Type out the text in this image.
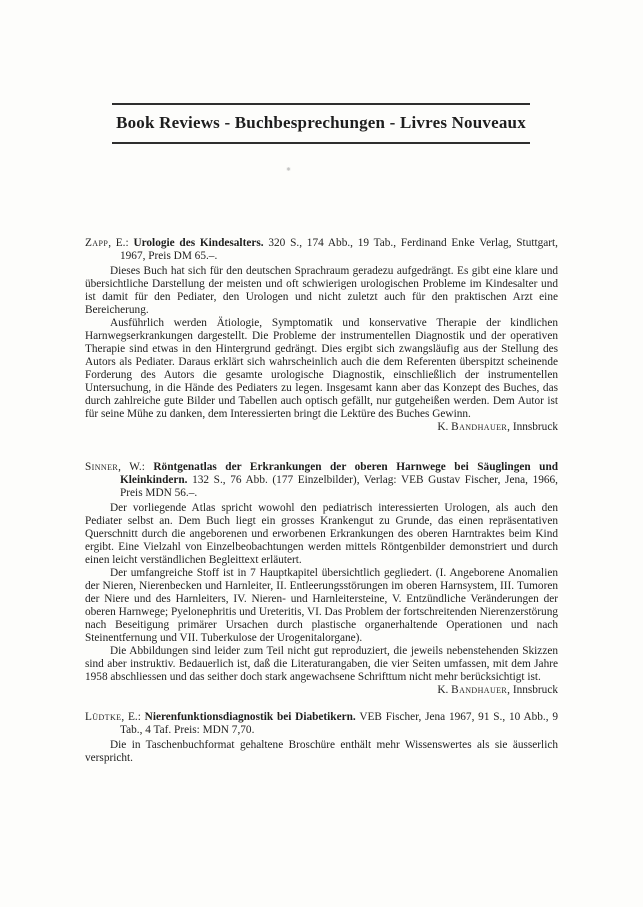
Book Reviews - Buchbesprechungen - Livres Nouveaux

Zapp, E.: Urologie des Kindesalters. 320 S., 174 Abb., 19 Tab., Ferdinand Enke Verlag, Stuttgart, 1967, Preis DM 65.–.

Dieses Buch hat sich für den deutschen Sprachraum geradezu aufgedrängt. Es gibt eine klare und übersichtliche Darstellung der meisten und oft schwierigen urologischen Probleme im Kindesalter und ist damit für den Pediater, den Urologen und nicht zuletzt auch für den praktischen Arzt eine Bereicherung.

Ausführlich werden Ätiologie, Symptomatik und konservative Therapie der kindlichen Harnwegserkrankungen dargestellt. Die Probleme der instrumentellen Diagnostik und der operativen Therapie sind etwas in den Hintergrund gedrängt. Dies ergibt sich zwangsläufig aus der Stellung des Autors als Pediater. Daraus erklärt sich wahrscheinlich auch die dem Referenten überspitzt scheinende Forderung des Autors die gesamte urologische Diagnostik, einschließlich der instrumentellen Untersuchung, in die Hände des Pediaters zu legen. Insgesamt kann aber das Konzept des Buches, das durch zahlreiche gute Bilder und Tabellen auch optisch gefällt, nur gutgeheißen werden. Dem Autor ist für seine Mühe zu danken, dem Interessierten bringt die Lektüre des Buches Gewinn.
K. Bandhauer, Innsbruck

Sinner, W.: Röntgenatlas der Erkrankungen der oberen Harnwege bei Säuglingen und Kleinkindern. 132 S., 76 Abb. (177 Einzelbilder), Verlag: VEB Gustav Fischer, Jena, 1966, Preis MDN 56.–.

Der vorliegende Atlas spricht wowohl den pediatrisch interessierten Urologen, als auch den Pediater selbst an. Dem Buch liegt ein grosses Krankengut zu Grunde, das einen repräsentativen Querschnitt durch die angeborenen und erworbenen Erkrankungen des oberen Harntraktes beim Kind ergibt. Eine Vielzahl von Einzelbeobachtungen werden mittels Röntgenbilder demonstriert und durch einen leicht verständlichen Begleittext erläutert.

Der umfangreiche Stoff ist in 7 Hauptkapitel übersichtlich gegliedert. (I. Angeborene Anomalien der Nieren, Nierenbecken und Harnleiter, II. Entleerungsstörungen im oberen Harnsystem, III. Tumoren der Niere und des Harnleiters, IV. Nieren- und Harnleitersteine, V. Entzündliche Veränderungen der oberen Harnwege; Pyelonephritis und Ureteritis, VI. Das Problem der fortschreitenden Nierenzerstörung nach Beseitigung primärer Ursachen durch plastische organerhaltende Operationen und nach Steinentfernung und VII. Tuberkulose der Urogenitalorgane).

Die Abbildungen sind leider zum Teil nicht gut reproduziert, die jeweils nebenstehenden Skizzen sind aber instruktiv. Bedauerlich ist, daß die Literaturangaben, die vier Seiten umfassen, mit dem Jahre 1958 abschliessen und das seither doch stark angewachsene Schrifttum nicht mehr berücksichtigt ist.
K. Bandhauer, Innsbruck

Lüdtke, E.: Nierenfunktionsdiagnostik bei Diabetikern. VEB Fischer, Jena 1967, 91 S., 10 Abb., 9 Tab., 4 Taf. Preis: MDN 7,70.

Die in Taschenbuchformat gehaltene Broschüre enthält mehr Wissenswertes als sie äusserlich verspricht.
